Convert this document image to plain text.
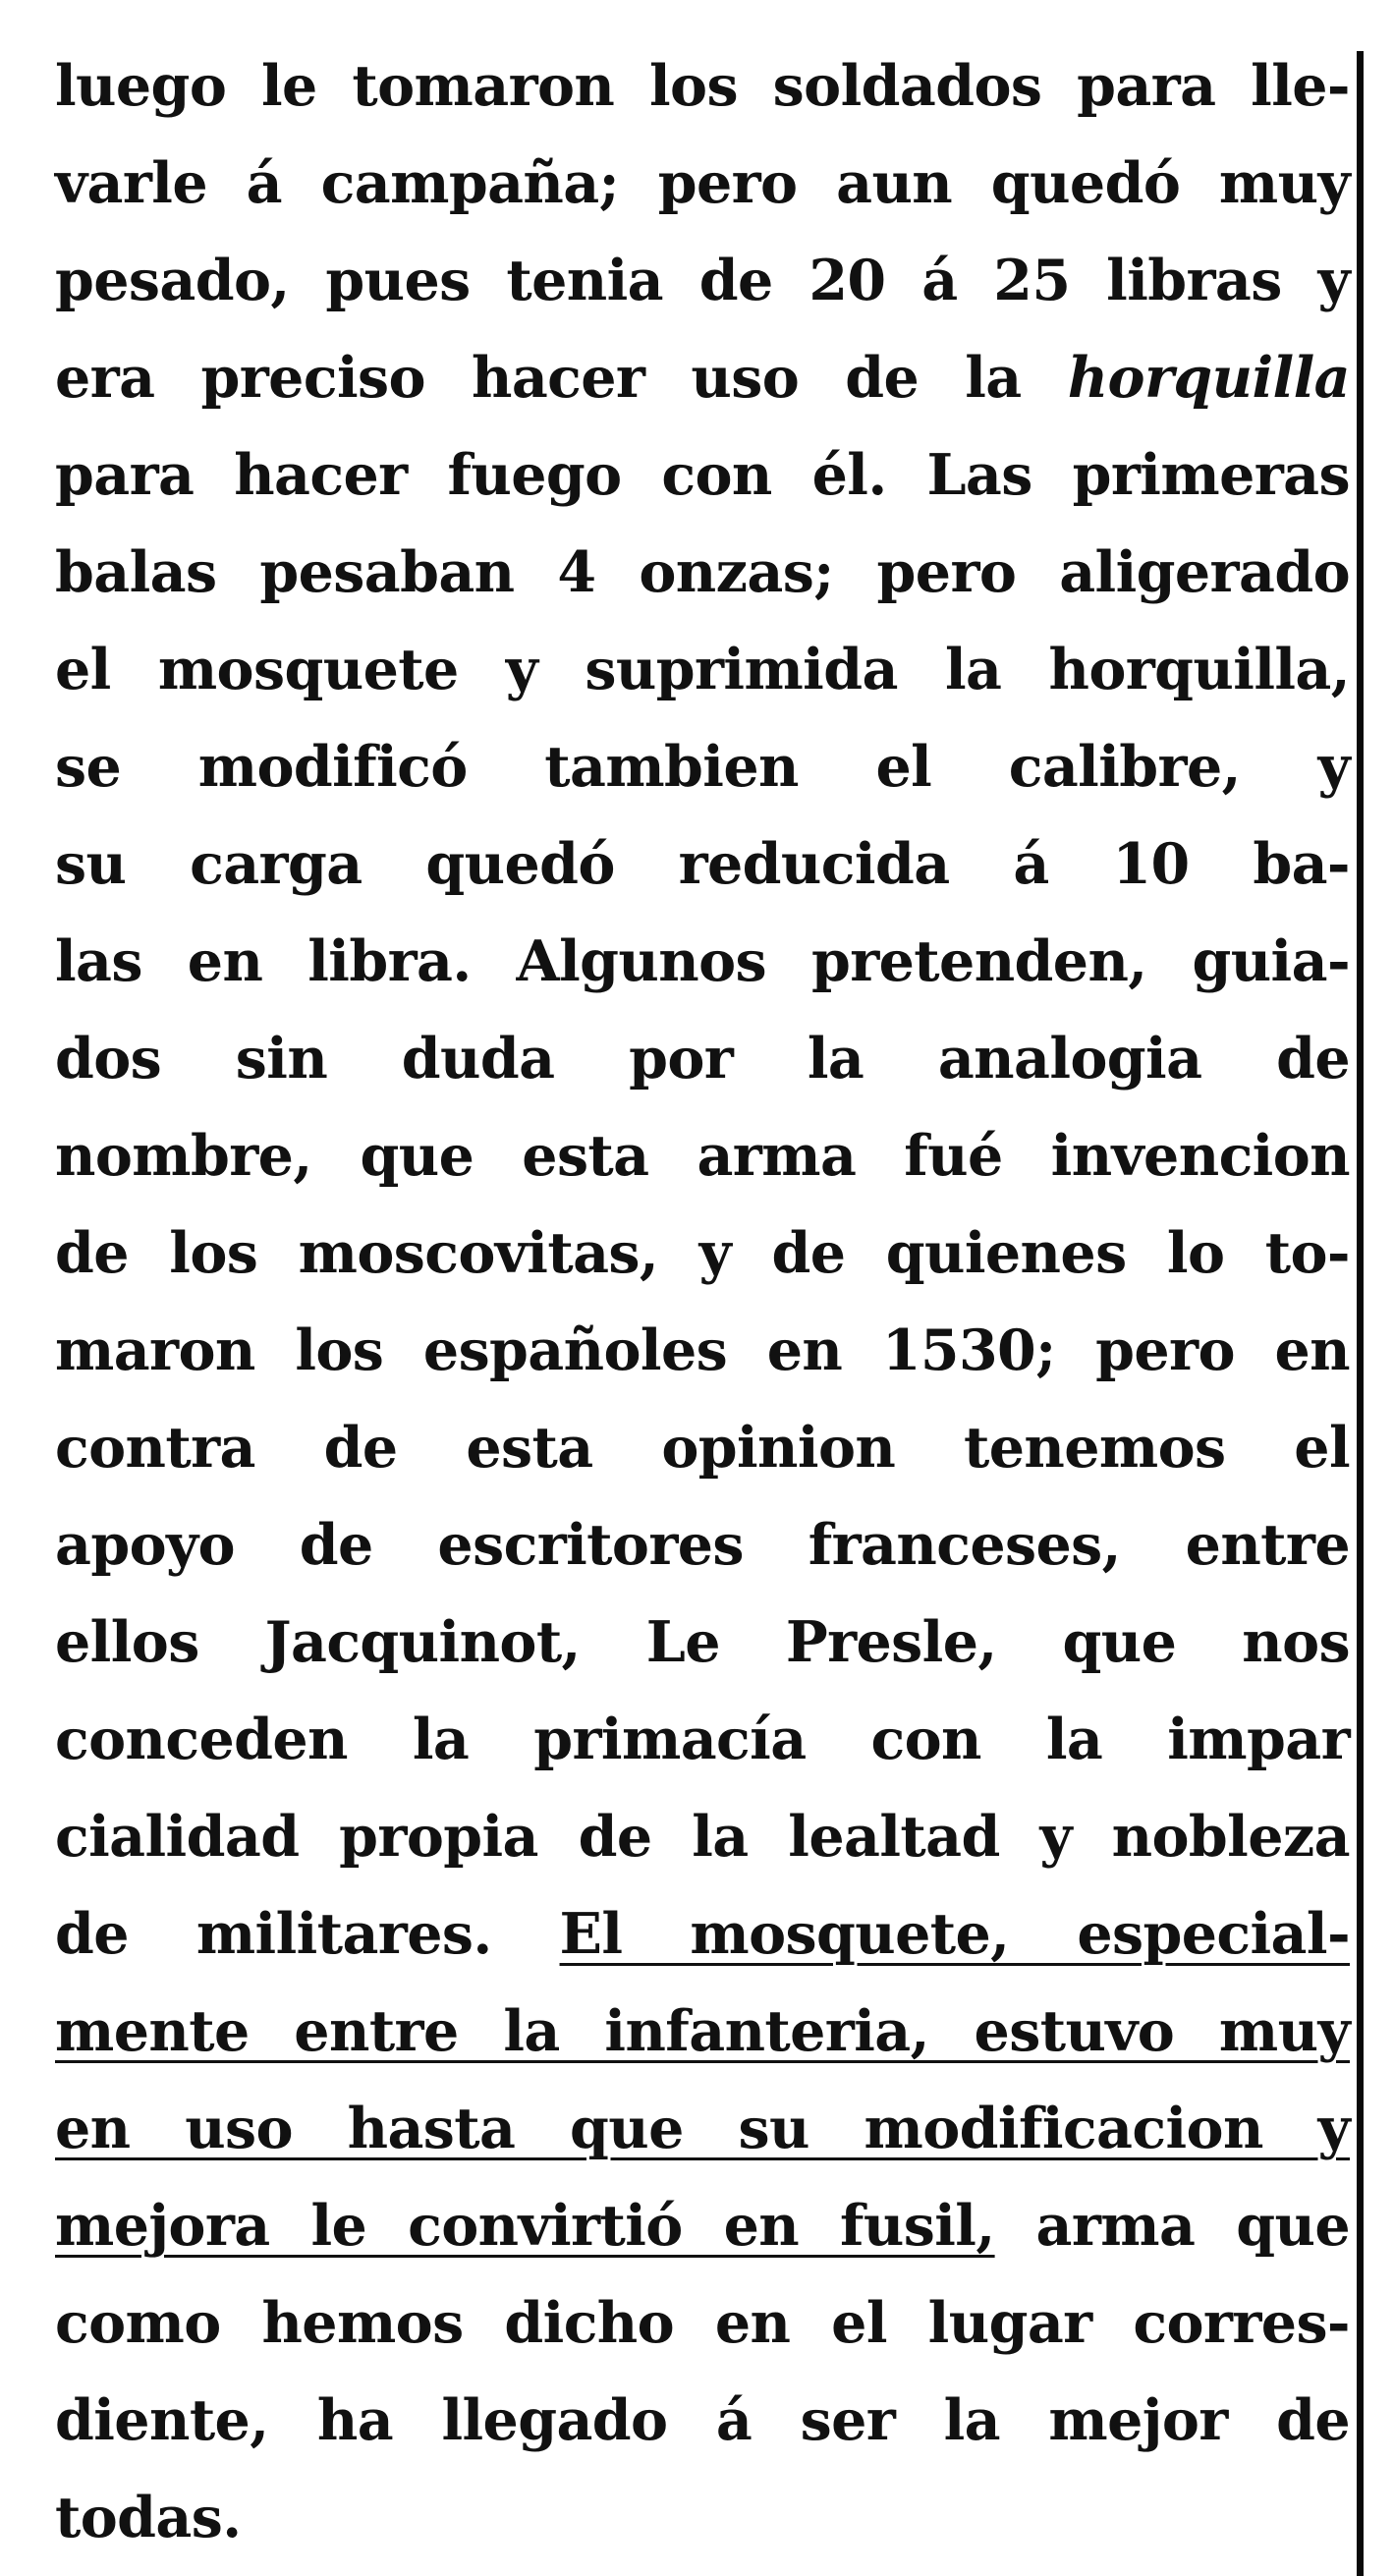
luego le tomaron los soldados para lle-
varle á campaña; pero aun quedó muy
pesado, pues tenia de 20 á 25 libras y
era preciso hacer uso de la horquilla
para hacer fuego con él. Las primeras
balas pesaban 4 onzas; pero aligerado
el mosquete y suprimida la horquilla,
se modificó tambien el calibre, y
su carga quedó reducida á 10 ba-
las en libra. Algunos pretenden, guia-
dos sin duda por la analogia de
nombre, que esta arma fué invencion
de los moscovitas, y de quienes lo to-
maron los españoles en 1530; pero en
contra de esta opinion tenemos el
apoyo de escritores franceses, entre
ellos Jacquinot, Le Presle, que nos
conceden la primacía con la impar
cialidad propia de la lealtad y nobleza
de militares. El mosquete, especial-
mente entre la infanteria, estuvo muy
en uso hasta que su modificacion y
mejora le convirtió en fusil, arma que
como hemos dicho en el lugar corres-
diente, ha llegado á ser la mejor de
todas.
